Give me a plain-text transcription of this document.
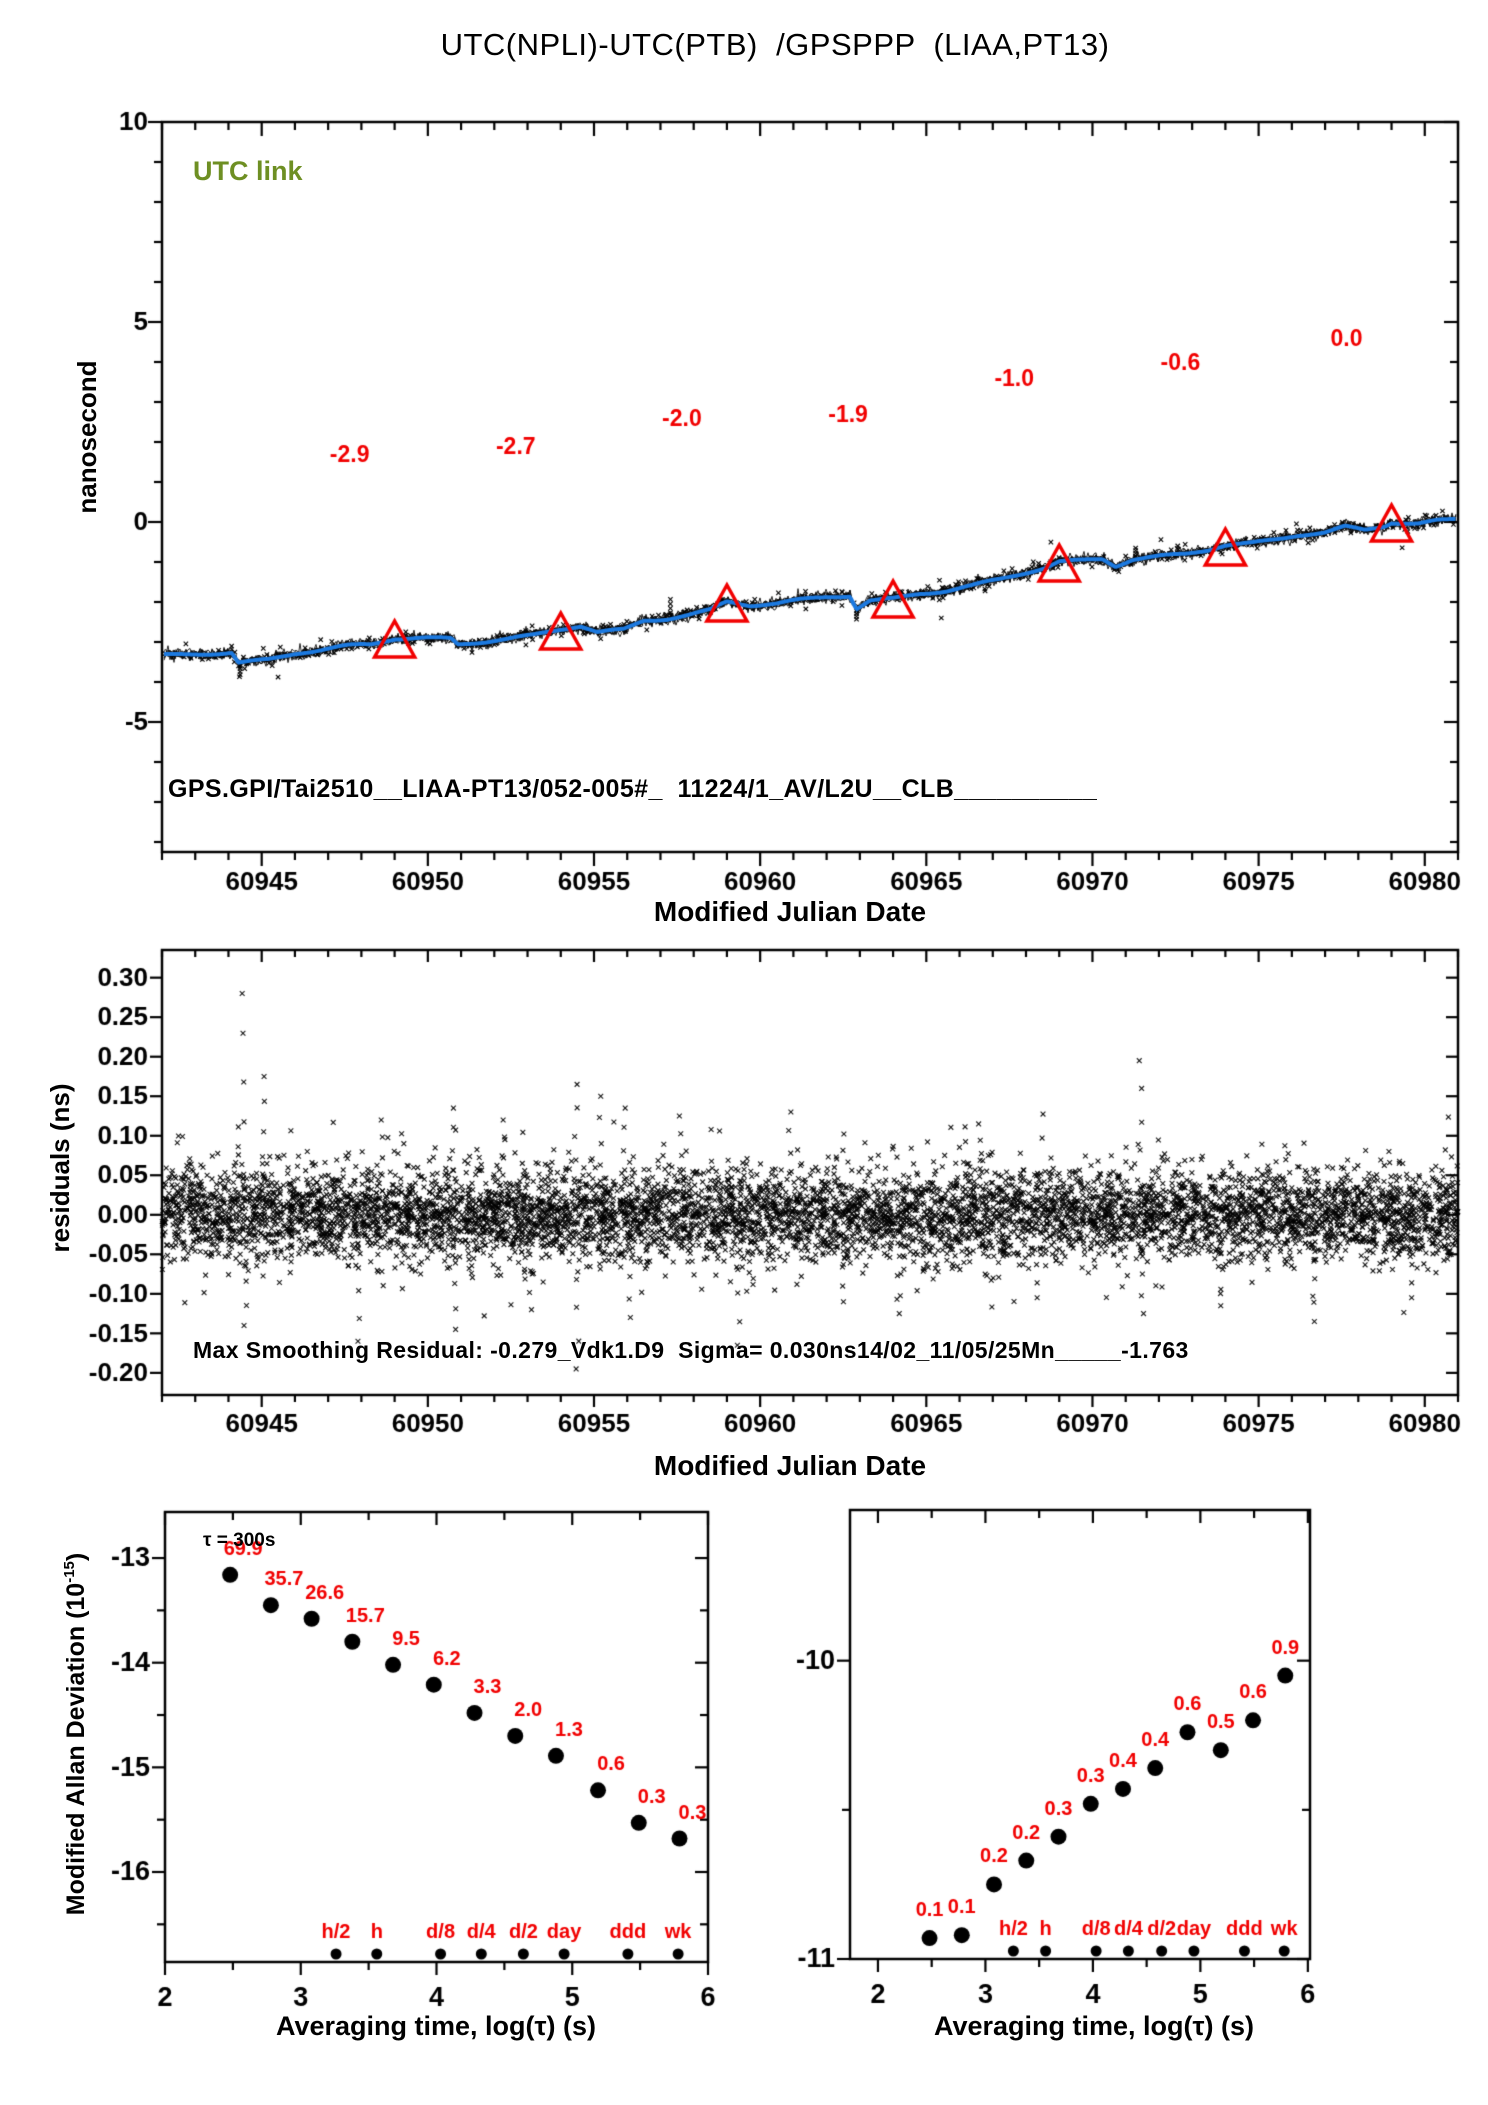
UTC(NPLI)-UTC(PTB)  /GPSPPP  (LIAA,PT13)
UTC link
nanosecond
GPS.GPI/Tai2510__LIAA-PT13/052-005#_  11224/1_AV/L2U__CLB__________
Modified Julian Date
residuals (ns)
Max Smoothing Residual: -0.279_Vdk1.D9  Sigma= 0.030ns14/02_11/05/25Mn_____-1.763
Modified Julian Date
Modified Allan Deviation $(10^{-15})$
τ = 300s
Averaging time, log(τ) (s)	Averaging time, log(τ) (s)
